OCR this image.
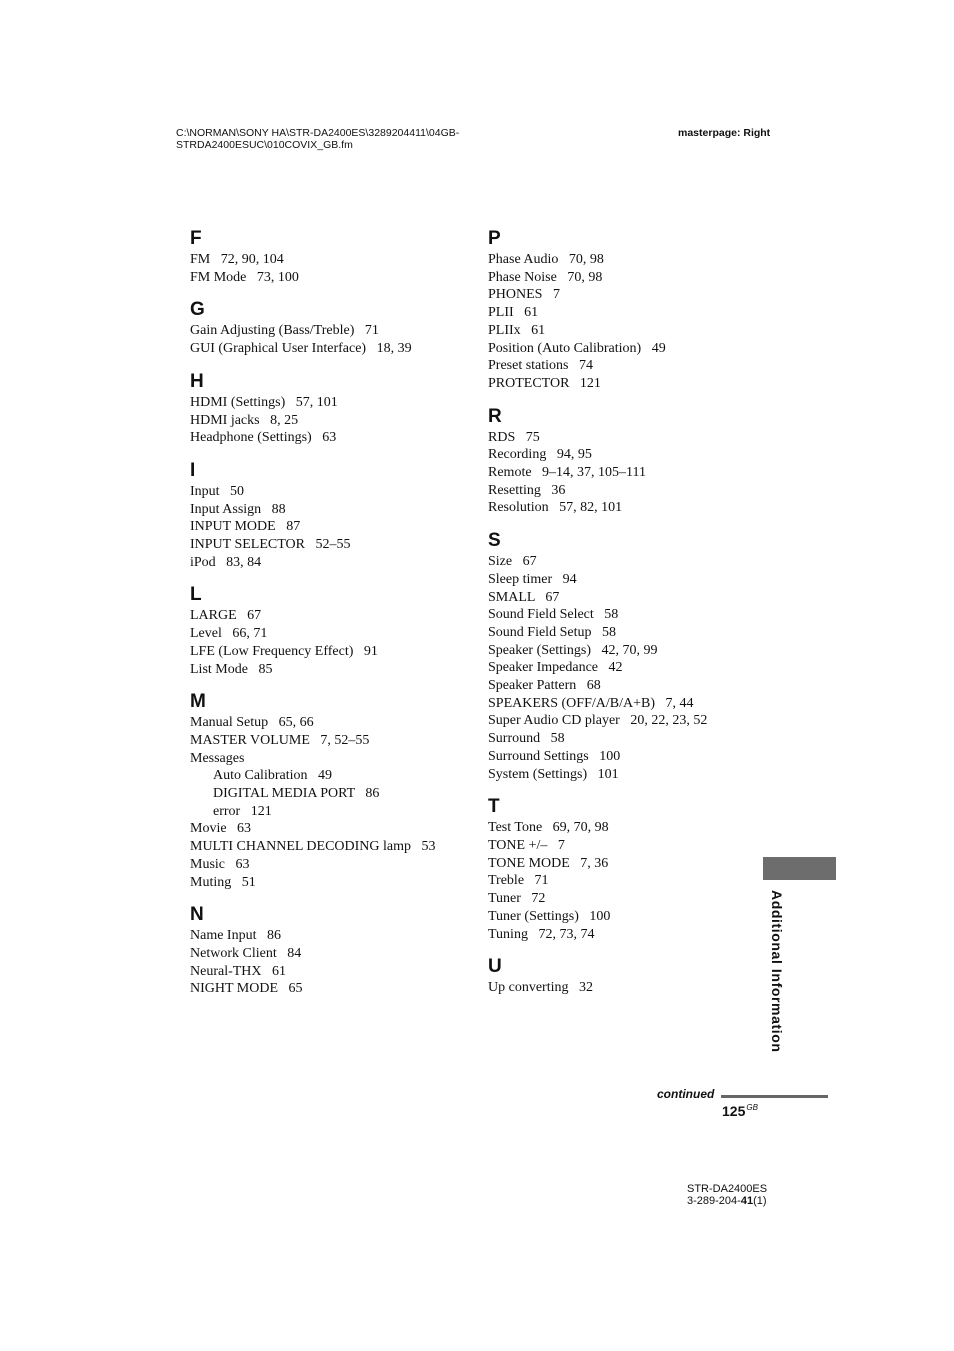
C:\NORMAN\SONY HA\STR-DA2400ES\3289204411\04GB-STRDA2400ESUC\010COVIX_GB.fm
masterpage: Right
F
FM   72, 90, 104
FM Mode   73, 100
G
Gain Adjusting (Bass/Treble)   71
GUI (Graphical User Interface)   18, 39
H
HDMI (Settings)   57, 101
HDMI jacks   8, 25
Headphone (Settings)   63
I
Input   50
Input Assign   88
INPUT MODE   87
INPUT SELECTOR   52–55
iPod   83, 84
L
LARGE   67
Level   66, 71
LFE (Low Frequency Effect)   91
List Mode   85
M
Manual Setup   65, 66
MASTER VOLUME   7, 52–55
Messages
Auto Calibration   49
DIGITAL MEDIA PORT   86
error   121
Movie   63
MULTI CHANNEL DECODING lamp   53
Music   63
Muting   51
N
Name Input   86
Network Client   84
Neural-THX   61
NIGHT MODE   65
P
Phase Audio   70, 98
Phase Noise   70, 98
PHONES   7
PLII   61
PLIIx   61
Position (Auto Calibration)   49
Preset stations   74
PROTECTOR   121
R
RDS   75
Recording   94, 95
Remote   9–14, 37, 105–111
Resetting   36
Resolution   57, 82, 101
S
Size   67
Sleep timer   94
SMALL   67
Sound Field Select   58
Sound Field Setup   58
Speaker (Settings)   42, 70, 99
Speaker Impedance   42
Speaker Pattern   68
SPEAKERS (OFF/A/B/A+B)   7, 44
Super Audio CD player   20, 22, 23, 52
Surround   58
Surround Settings   100
System (Settings)   101
T
Test Tone   69, 70, 98
TONE +/–   7
TONE MODE   7, 36
Treble   71
Tuner   72
Tuner (Settings)   100
Tuning   72, 73, 74
U
Up converting   32	Additional Information
continued
$125^{GB}$
STR-DA2400ES
3-289-204-41(1)
